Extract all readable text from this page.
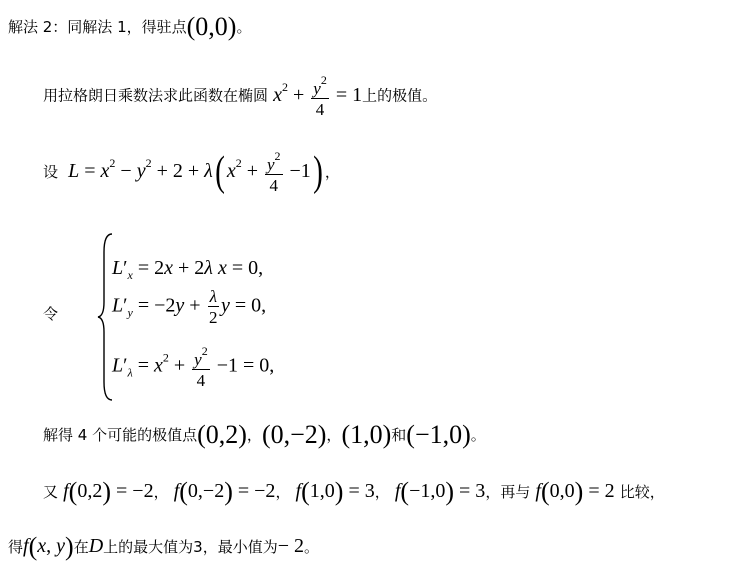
解法 2：同解法 1，得驻点(0,0)。
用拉格朗日乘数法求此函数在椭圆 $x^2 + \frac{y^2}{4} = 1$上的极值。
设 $L = x^2 - y^2 + 2 + \lambda$( $x^2 + \frac{y^2}{4} -1$) ，
令
$L'_x = 2x + 2\lambda$ x = 0,
$L'_y = -2y + \frac{\lambda}{2}$ y = 0,
$L'_\lambda = x^2 + \frac{y^2}{4} -1 = 0$,
解得 4 个可能的极值点(0,2)，(0,−2)，(1,0)和(−1,0)。
又 f(0,2) = −2， f(0,−2) = −2， f(1,0) = 3， f(−1,0) = 3，再与 f(0,0) = 2 比较，
得f(x, y)在D上的最大值为3，最小值为− 2。
